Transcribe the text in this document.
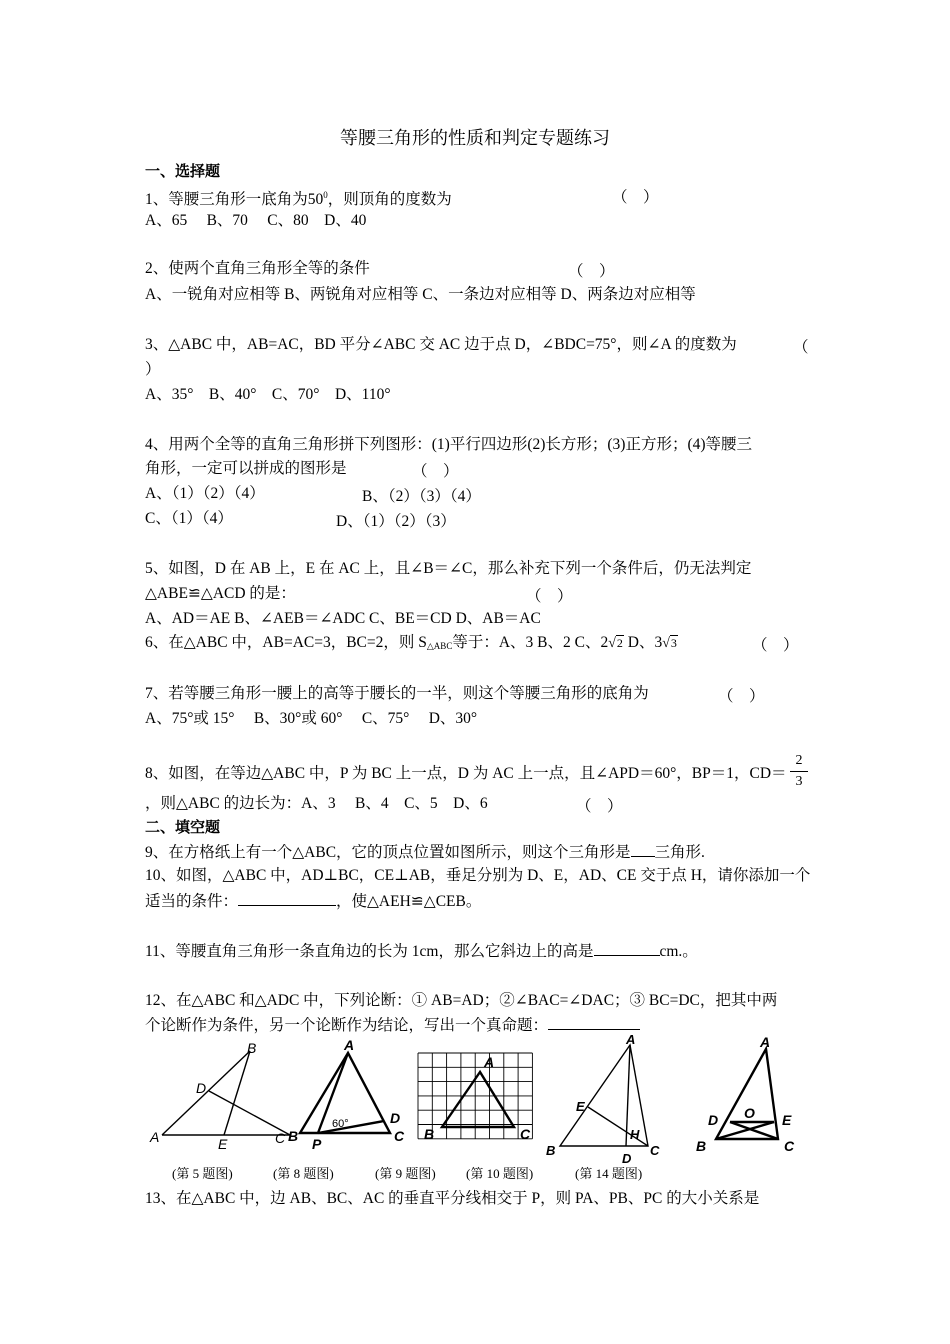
等腰三角形的性质和判定专题练习
一、选择题
1、等腰三角形一底角为$50^0$，则顶角的度数为	（　）
A、65　 B、70　 C、80　D、40
2、使两个直角三角形全等的条件	（　）
A、一锐角对应相等 B、两锐角对应相等 C、一条边对应相等 D、两条边对应相等
3、△ABC 中，AB=AC，BD 平分∠ABC 交 AC 边于点 D，∠BDC=75°，则∠A 的度数为	（
）
A、35°　B、40°　C、70°　D、110°
4、用两个全等的直角三角形拼下列图形：(1)平行四边形(2)长方形；(3)正方形；(4)等腰三
角形，一定可以拼成的图形是	（　）
A、（1）（2）（4）	B、（2）（3）（4）
C、（1）（4）	D、（1）（2）（3）
5、如图，D 在 AB 上，E 在 AC 上，且∠B＝∠C，那么补充下列一个条件后，仍无法判定
△ABE≌△ACD 的是：	（　）
A、AD＝AE B、∠AEB＝∠ADC C、BE＝CD D、AB＝AC
6、在△ABC 中，AB=AC=3，BC=2，则 $S_{\triangle ABC}$等于：A、3 B、2 C、2√2 D、3√3	（　）
7、若等腰三角形一腰上的高等于腰长的一半，则这个等腰三角形的底角为	（　）
A、75°或 15°　 B、30°或 60°　 C、75°　 D、30°
8、如图，在等边△ABC 中，P 为 BC 上一点，D 为 AC 上一点，且∠APD＝60°，BP＝1，CD＝
2
3
，则△ABC 的边长为：A、3　 B、4　C、5　D、6	（　）
二、填空题
9、在方格纸上有一个△ABC，它的顶点位置如图所示，则这个三角形是 三角形.
10、如图，△ABC 中，AD⊥BC，CE⊥AB，垂足分别为 D、E，AD、CE 交于点 H，请你添加一个
适当的条件：	，使△AEH≌△CEB。
11、等腰直角三角形一条直角边的长为 1cm，那么它斜边上的高是	cm.。
12、在△ABC 和△ADC 中，下列论断：① AB=AD；②∠BAC=∠DAC；③ BC=DC，把其中两
个论断作为条件，另一个论断作为结论，写出一个真命题：
A
B
C
D
E
A
B	C
D
P
60°
A
B	C
A
B	C
D
E
H
A
B	C
D	E
O
(第 5 题图)	(第 8 题图)	(第 9 题图) (第 10 题图)	(第 14 题图)
13、在△ABC 中，边 AB、BC、AC 的垂直平分线相交于 P，则 PA、PB、PC 的大小关系是
